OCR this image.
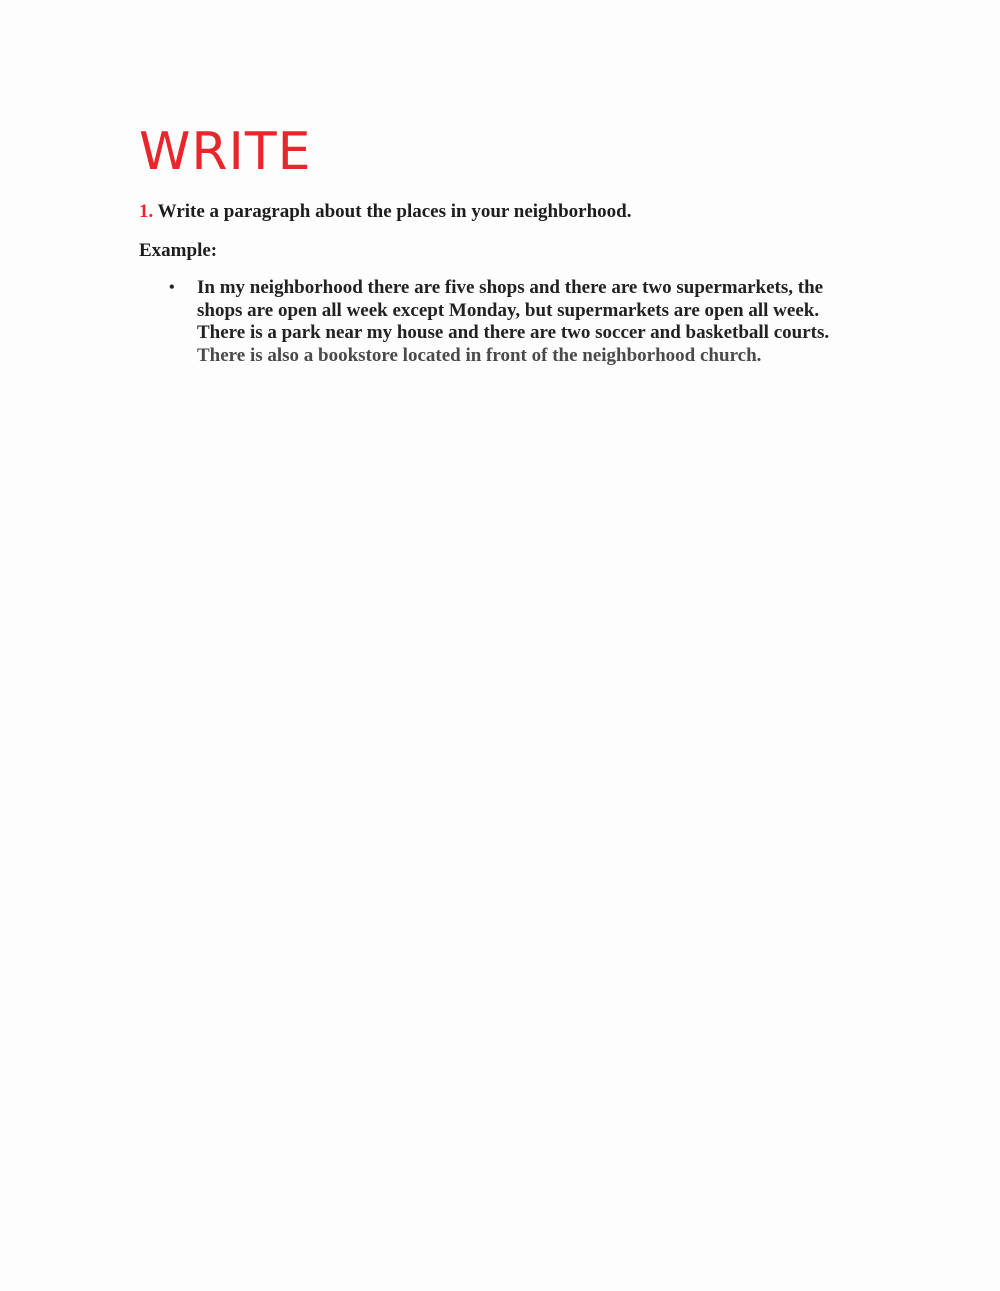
WRITE

1. Write a paragraph about the places in your neighborhood.

Example:

• In my neighborhood there are five shops and there are two supermarkets, the
shops are open all week except Monday, but supermarkets are open all week.
There is a park near my house and there are two soccer and basketball courts.
There is also a bookstore located in front of the neighborhood church.
